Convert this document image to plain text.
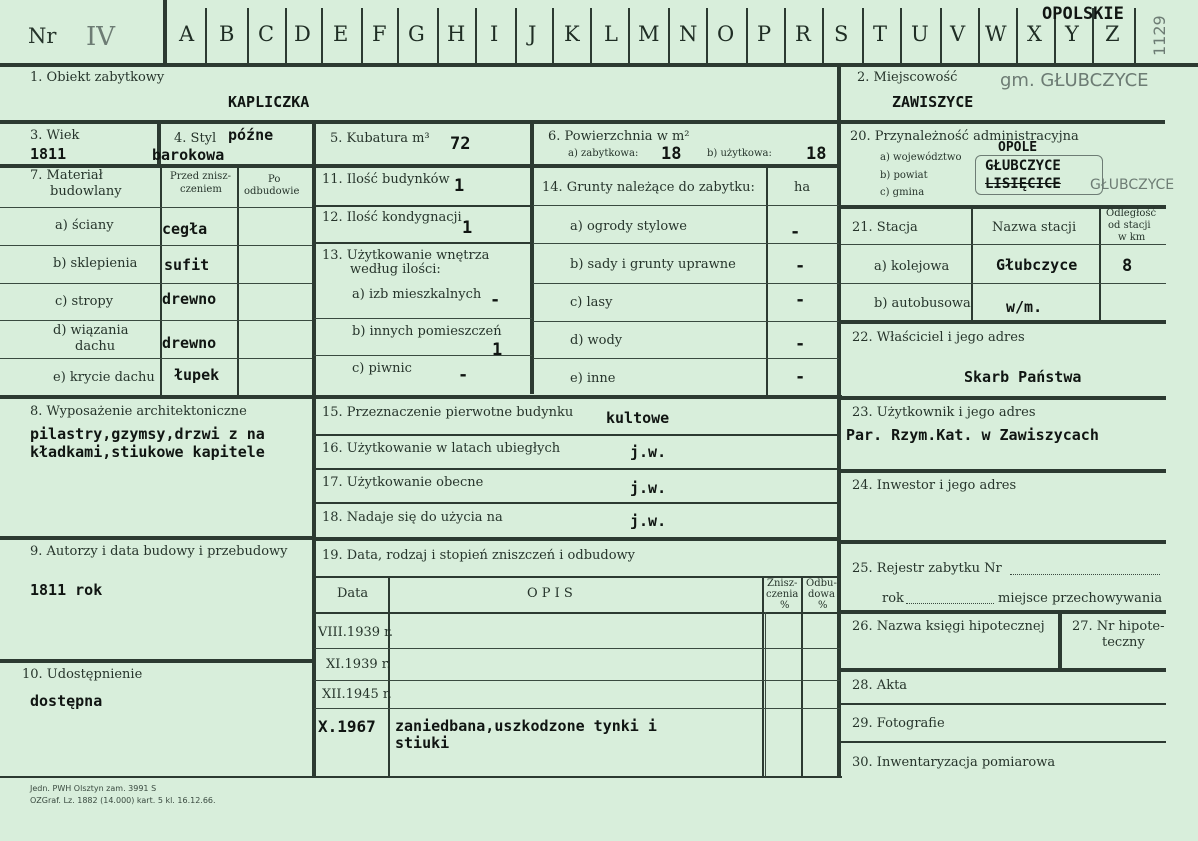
Nr IV	A B C D E F G H I J K L M N O P R S T U V W X Y Z
OPOLSKIE
1129
1. Obiekt zabytkowy
KAPLICZKA
2. Miejscowość
ZAWISZYCE
gm. GŁUBCZYCE
3. Wiek
1811
4. Styl późne
barokowa
5. Kubatura m³ 72	6. Powierzchnia w m²
a) zabytkowa: 18	b) użytkowa: 18
20. Przynależność administracyjna
a) województwo
OPOLE
b) powiat
GŁUBCZYCE
c) gmina
LISIĘCICE GŁUBCZYCE
7. Materiał
budowlany
Przed znisz-
czeniem
Po
odbudowie
a) ściany	cegła
b) sklepienia sufit
c) stropy	drewno
d) wiązania
dachu	drewno
e) krycie dachu łupek
11. Ilość budynków 1
12. Ilość kondygnacji
1
13. Użytkowanie wnętrza
według ilości:
a) izb mieszkalnych -
b) innych pomieszczeń
1
c) piwnic	-
14. Grunty należące do zabytku:	ha
a) ogrody stylowe	-
b) sady i grunty uprawne	-
c) lasy	-
d) wody	-
e) inne	-
21. Stacja	Nazwa stacji
Odległość
od stacji
w km
a) kolejowa	Głubczyce	8
b) autobusowa w/m.
22. Właściciel i jego adres
Skarb Państwa
8. Wyposażenie architektoniczne
pilastry,gzymsy,drzwi z na
kładkami,stiukowe kapitele
15. Przeznaczenie pierwotne budynku kultowe
16. Użytkowanie w latach ubiegłych	j.w.
17. Użytkowanie obecne	j.w.
18. Nadaje się do użycia na	j.w.
23. Użytkownik i jego adres
Par. Rzym.Kat. w Zawiszycach
24. Inwestor i jego adres
9. Autorzy i data budowy i przebudowy
1811 rok
10. Udostępnienie
dostępna
19. Data, rodzaj i stopień zniszczeń i odbudowy
Data	O P I S
Znisz-
czenia
%
Odbu-
dowa
%
VIII.1939 r.
XI.1939 r.
XII.1945 r.
X.1967 zaniedbana,uszkodzone tynki i
stiuki
25. Rejestr zabytku Nr
rok	miejsce przechowywania
26. Nazwa księgi hipotecznej 27. Nr hipote-
teczny
28. Akta
29. Fotografie
30. Inwentaryzacja pomiarowa
Jedn. PWH Olsztyn zam. 3991 S
OZGraf. Lz. 1882 (14.000) kart. 5 kl. 16.12.66.
